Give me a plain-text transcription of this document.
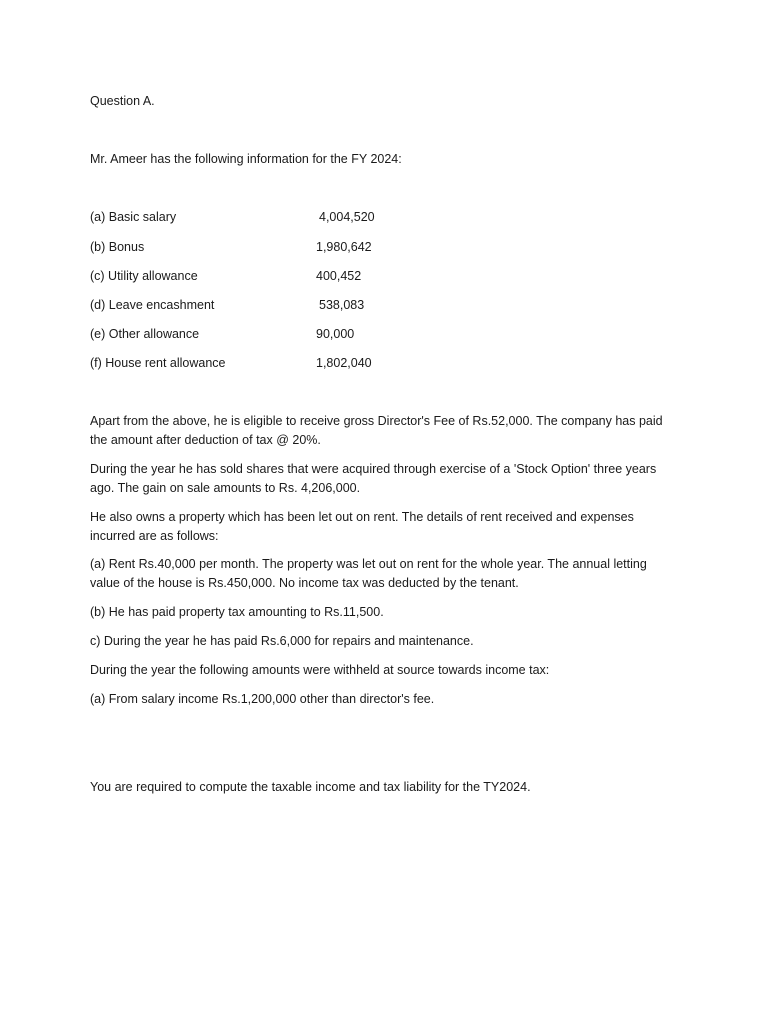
Question A.
Mr. Ameer has the following information for the FY 2024:
(a) Basic salary	4,004,520
(b) Bonus	1,980,642
(c) Utility allowance	400,452
(d) Leave encashment	538,083
(e) Other allowance	90,000
(f) House rent allowance	1,802,040
Apart from the above, he is eligible to receive gross Director's Fee of Rs.52,000. The company has paid the amount after deduction of tax @ 20%.
During the year he has sold shares that were acquired through exercise of a 'Stock Option' three years ago. The gain on sale amounts to Rs. 4,206,000.
He also owns a property which has been let out on rent. The details of rent received and expenses incurred are as follows:
(a) Rent Rs.40,000 per month. The property was let out on rent for the whole year. The annual letting value of the house is Rs.450,000. No income tax was deducted by the tenant.
(b) He has paid property tax amounting to Rs.11,500.
c) During the year he has paid Rs.6,000 for repairs and maintenance.
During the year the following amounts were withheld at source towards income tax:
(a) From salary income Rs.1,200,000 other than director's fee.
You are required to compute the taxable income and tax liability for the TY2024.
